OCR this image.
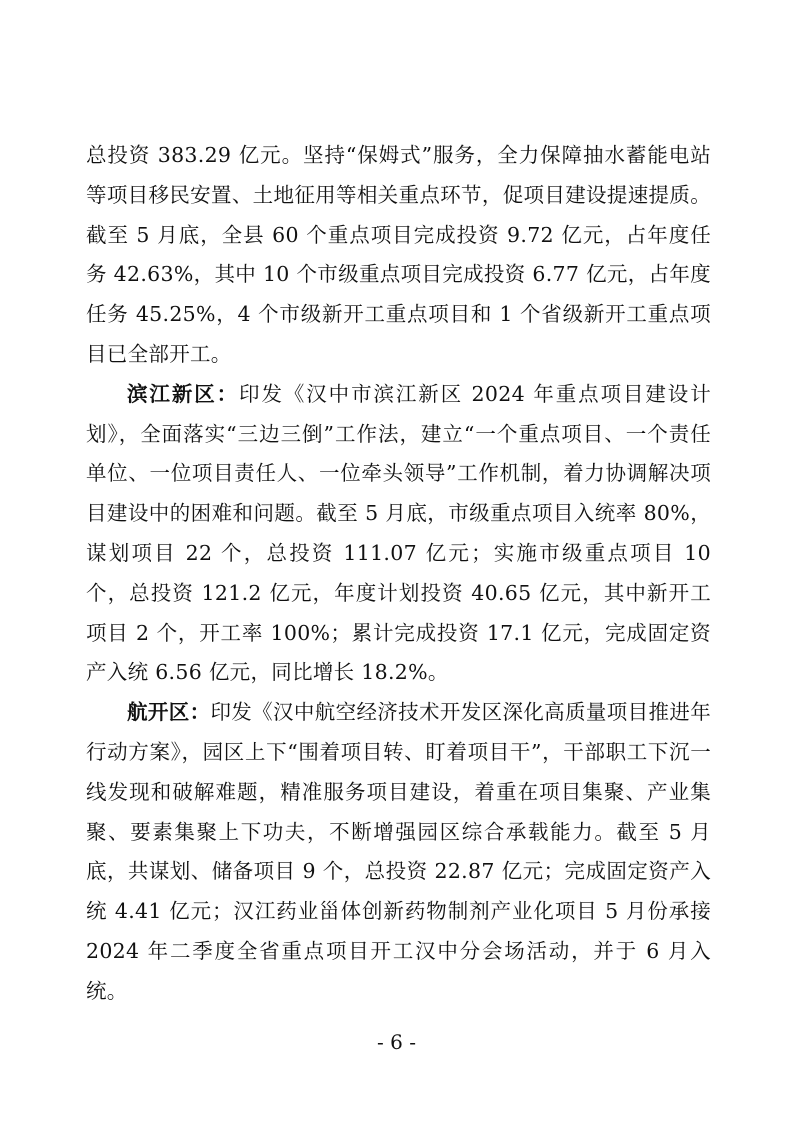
总投资 383.29 亿元。坚持“保姆式”服务，全力保障抽水蓄能电站等项目移民安置、土地征用等相关重点环节，促项目建设提速提质。截至 5 月底，全县 60 个重点项目完成投资 9.72 亿元，占年度任务 42.63%，其中 10 个市级重点项目完成投资 6.77 亿元，占年度任务 45.25%，4 个市级新开工重点项目和 1 个省级新开工重点项目已全部开工。

滨江新区：印发《汉中市滨江新区 2024 年重点项目建设计划》，全面落实“三边三倒”工作法，建立“一个重点项目、一个责任单位、一位项目责任人、一位牵头领导”工作机制，着力协调解决项目建设中的困难和问题。截至 5 月底，市级重点项目入统率 80%，谋划项目 22 个，总投资 111.07 亿元；实施市级重点项目 10 个，总投资 121.2 亿元，年度计划投资 40.65 亿元，其中新开工项目 2 个，开工率 100%；累计完成投资 17.1 亿元，完成固定资产入统 6.56 亿元，同比增长 18.2%。

航开区：印发《汉中航空经济技术开发区深化高质量项目推进年行动方案》，园区上下“围着项目转、盯着项目干”，干部职工下沉一线发现和破解难题，精准服务项目建设，着重在项目集聚、产业集聚、要素集聚上下功夫，不断增强园区综合承载能力。截至 5 月底，共谋划、储备项目 9 个，总投资 22.87 亿元；完成固定资产入统 4.41 亿元；汉江药业甾体创新药物制剂产业化项目 5 月份承接 2024 年二季度全省重点项目开工汉中分会场活动，并于 6 月入统。

- 6 -
